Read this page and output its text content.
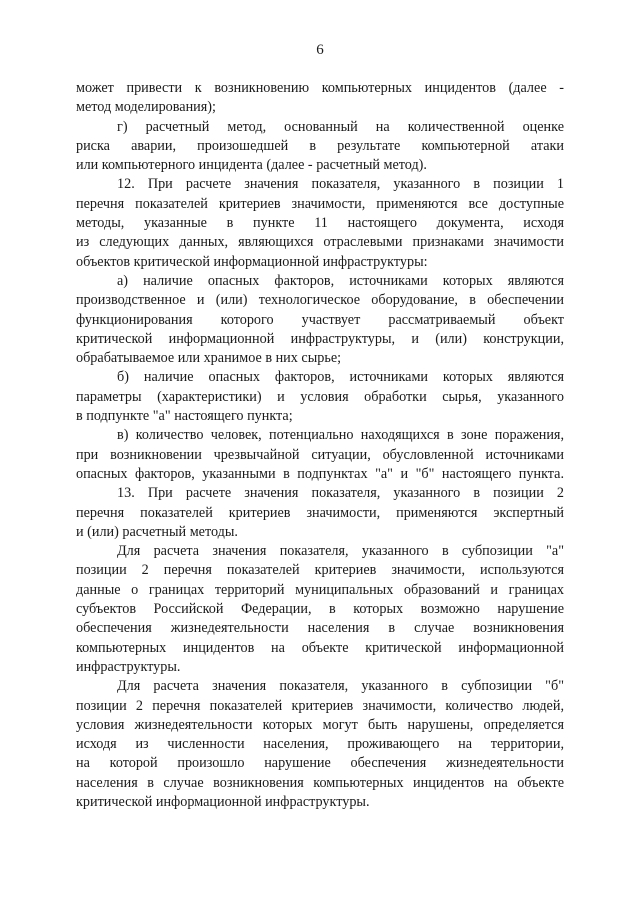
6
может привести к возникновению компьютерных инцидентов (далее -
метод моделирования);
г) расчетный метод, основанный на количественной оценке
риска аварии, произошедшей в результате компьютерной атаки
или компьютерного инцидента (далее - расчетный метод).
12. При расчете значения показателя, указанного в позиции 1
перечня показателей критериев значимости, применяются все доступные
методы, указанные в пункте 11 настоящего документа, исходя
из следующих данных, являющихся отраслевыми признаками значимости
объектов критической информационной инфраструктуры:
а) наличие опасных факторов, источниками которых являются
производственное и (или) технологическое оборудование, в обеспечении
функционирования которого участвует рассматриваемый объект
критической информационной инфраструктуры, и (или) конструкции,
обрабатываемое или хранимое в них сырье;
б) наличие опасных факторов, источниками которых являются
параметры (характеристики) и условия обработки сырья, указанного
в подпункте "а" настоящего пункта;
в) количество человек, потенциально находящихся в зоне поражения,
при возникновении чрезвычайной ситуации, обусловленной источниками
опасных факторов, указанными в подпунктах "а" и "б" настоящего пункта.
13. При расчете значения показателя, указанного в позиции 2
перечня показателей критериев значимости, применяются экспертный
и (или) расчетный методы.
Для расчета значения показателя, указанного в субпозиции "а"
позиции 2 перечня показателей критериев значимости, используются
данные о границах территорий муниципальных образований и границах
субъектов Российской Федерации, в которых возможно нарушение
обеспечения жизнедеятельности населения в случае возникновения
компьютерных инцидентов на объекте критической информационной
инфраструктуры.
Для расчета значения показателя, указанного в субпозиции "б"
позиции 2 перечня показателей критериев значимости, количество людей,
условия жизнедеятельности которых могут быть нарушены, определяется
исходя из численности населения, проживающего на территории,
на которой произошло нарушение обеспечения жизнедеятельности
населения в случае возникновения компьютерных инцидентов на объекте
критической информационной инфраструктуры.
